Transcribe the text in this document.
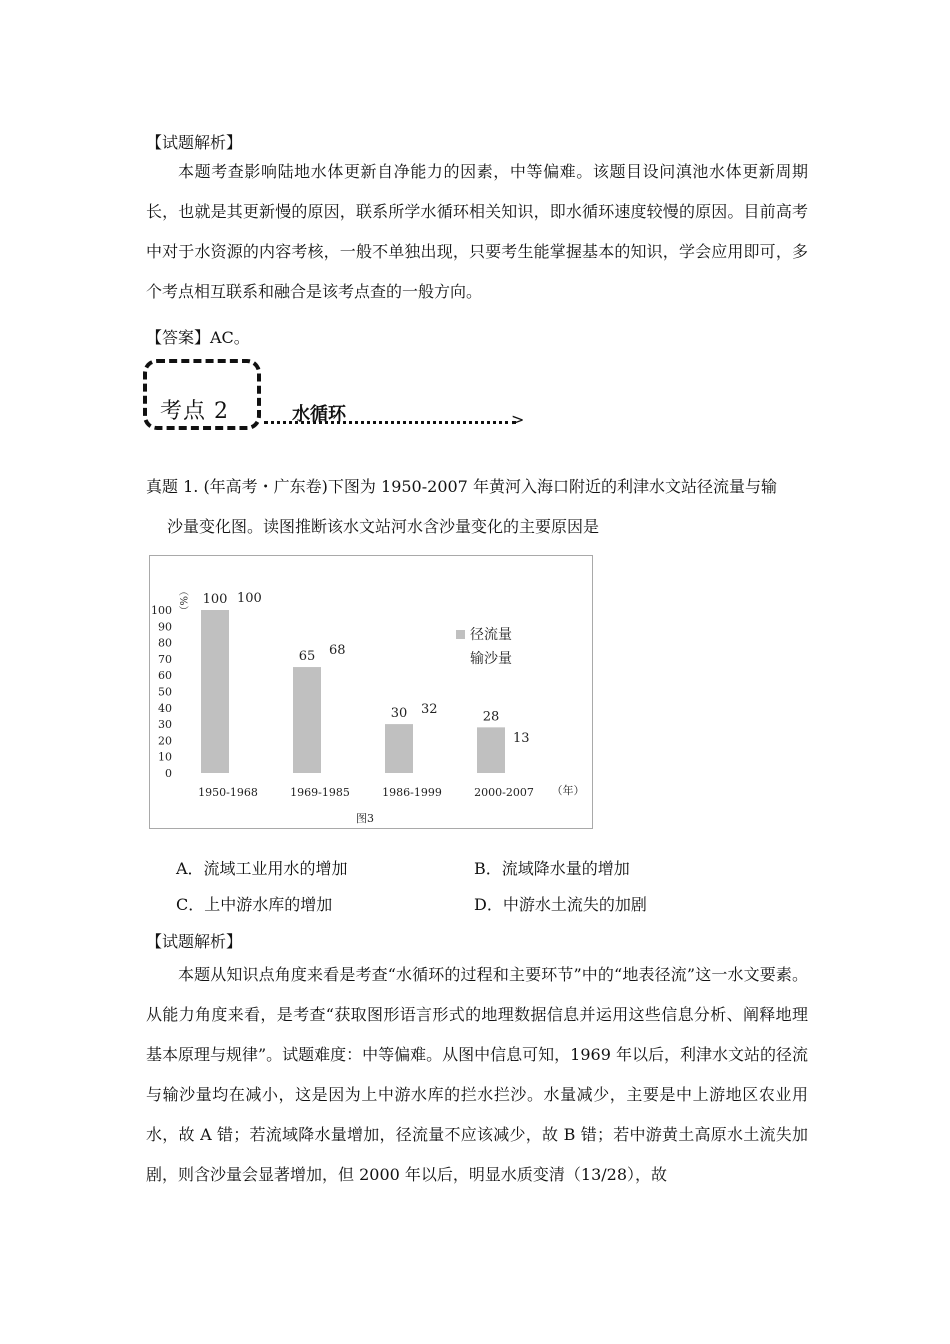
【试题解析】
本题考查影响陆地水体更新自净能力的因素，中等偏难。该题目设问滇池水体更新周期长，也就是其更新慢的原因，联系所学水循环相关知识，即水循环速度较慢的原因。目前高考中对于水资源的内容考核，一般不单独出现，只要考生能掌握基本的知识，学会应用即可，多个考点相互联系和融合是该考点查的一般方向。
【答案】AC。
考点 2	水循环	>
真题 1. (年高考・广东卷)下图为 1950-2007 年黄河入海口附近的利津水文站径流量与输
沙量变化图。读图推断该水文站河水含沙量变化的主要原因是
（%）
0
10
20
30
40
50
60
70
80
90
100
100 100
1950-1968
65 68
1969-1985
30 32
1986-1999
28
13
2000-2007 （年）
图3
径流量
输沙量
A．流域工业用水的增加	B．流域降水量的增加
C．上中游水库的增加	D．中游水土流失的加剧
【试题解析】
本题从知识点角度来看是考查“水循环的过程和主要环节”中的“地表径流”这一水文要素。从能力角度来看，是考查“获取图形语言形式的地理数据信息并运用这些信息分析、阐释地理基本原理与规律”。试题难度：中等偏难。从图中信息可知，1969 年以后，利津水文站的径流与输沙量均在减小，这是因为上中游水库的拦水拦沙。水量减少，主要是中上游地区农业用水，故 A 错；若流域降水量增加，径流量不应该减少，故 B 错；若中游黄土高原水土流失加剧，则含沙量会显著增加，但 2000 年以后，明显水质变清（13/28），故
